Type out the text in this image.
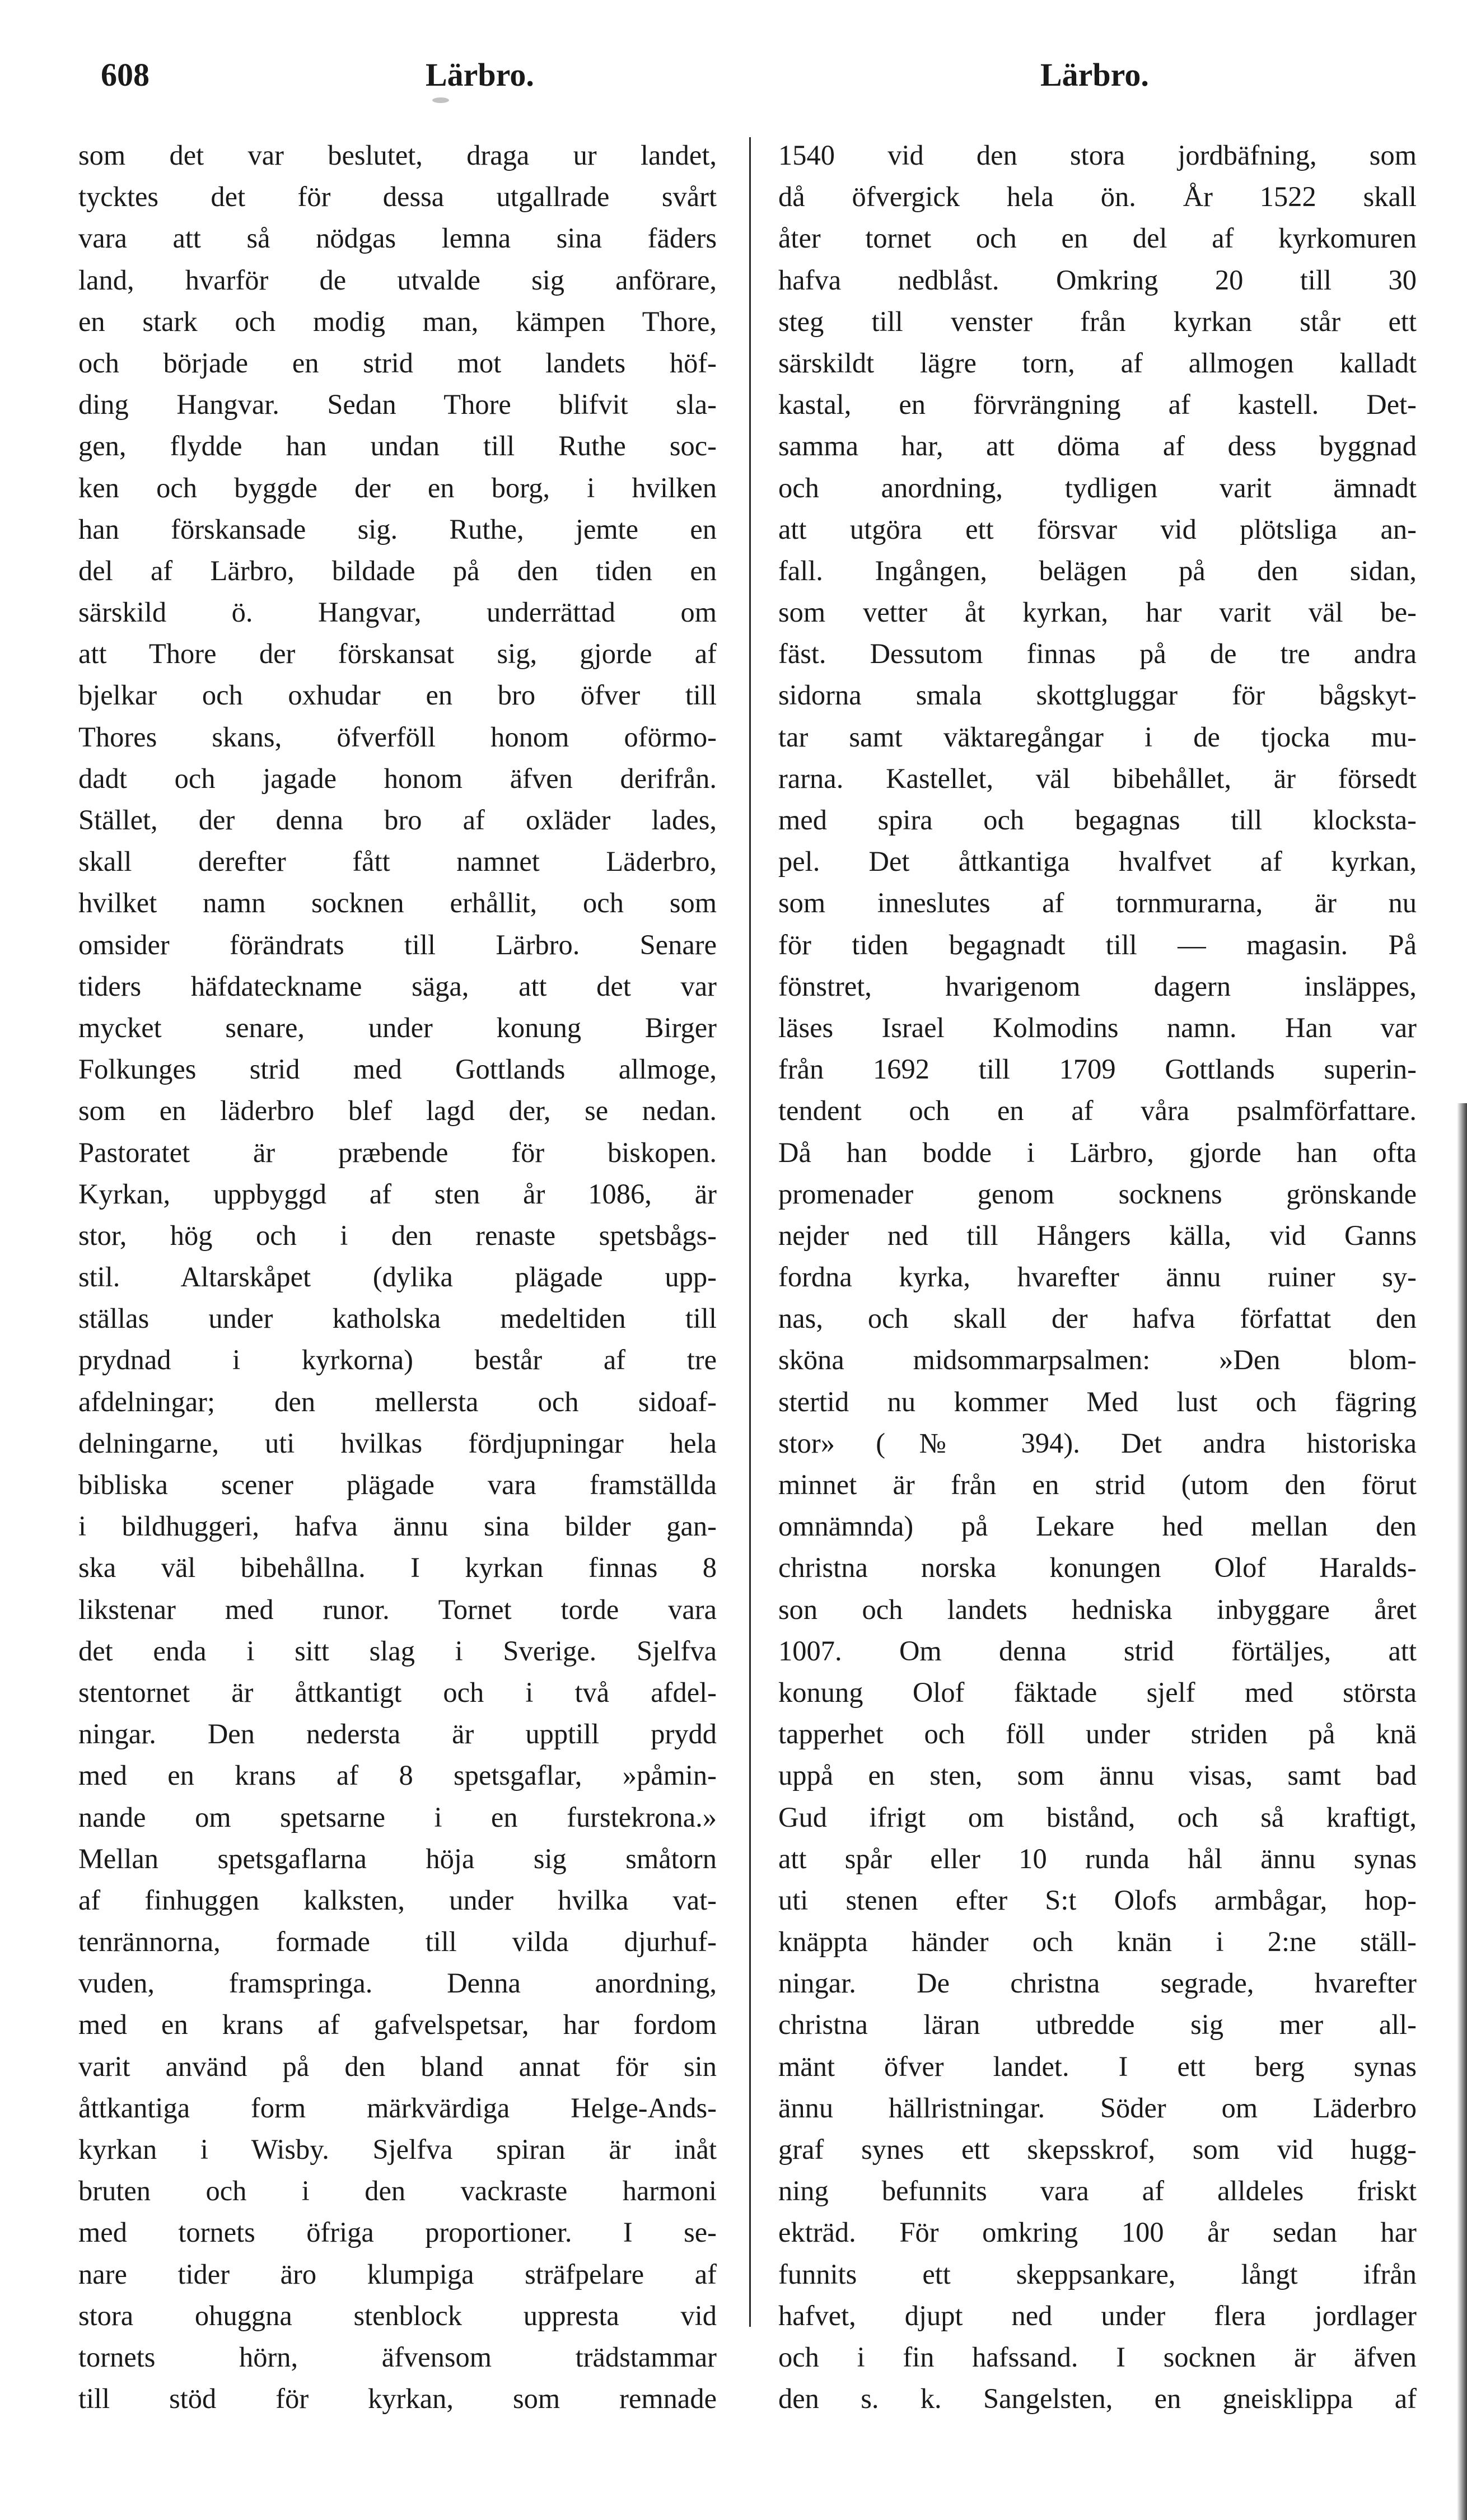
608	Lärbro.	Lärbro.
som det var beslutet, draga ur landet,
tycktes det för dessa utgallrade svårt
vara att så nödgas lemna sina fäders
land, hvarför de utvalde sig anförare,
en stark och modig man, kämpen Thore,
och började en strid mot landets höf-
ding Hangvar. Sedan Thore blifvit sla-
gen, flydde han undan till Ruthe soc-
ken och byggde der en borg, i hvilken
han förskansade sig. Ruthe, jemte en
del af Lärbro, bildade på den tiden en
särskild ö. Hangvar, underrättad om
att Thore der förskansat sig, gjorde af
bjelkar och oxhudar en bro öfver till
Thores skans, öfverföll honom oförmo-
dadt och jagade honom äfven derifrån.
Stället, der denna bro af oxläder lades,
skall derefter fått namnet Läderbro,
hvilket namn socknen erhållit, och som
omsider förändrats till Lärbro. Senare
tiders häfdateckname säga, att det var
mycket senare, under konung Birger
Folkunges strid med Gottlands allmoge,
som en läderbro blef lagd der, se nedan.
Pastoratet är præbende för biskopen.
Kyrkan, uppbyggd af sten år 1086, är
stor, hög och i den renaste spetsbågs-
stil. Altarskåpet (dylika plägade upp-
ställas under katholska medeltiden till
prydnad i kyrkorna) består af tre
afdelningar; den mellersta och sidoaf-
delningarne, uti hvilkas fördjupningar hela
bibliska scener plägade vara framställda
i bildhuggeri, hafva ännu sina bilder gan-
ska väl bibehållna. I kyrkan finnas 8
likstenar med runor. Tornet torde vara
det enda i sitt slag i Sverige. Sjelfva
stentornet är åttkantigt och i två afdel-
ningar. Den nedersta är upptill prydd
med en krans af 8 spetsgaflar, »påmin-
nande om spetsarne i en furstekrona.»
Mellan spetsgaflarna höja sig småtorn
af finhuggen kalksten, under hvilka vat-
tenrännorna, formade till vilda djurhuf-
vuden, framspringa. Denna anordning,
med en krans af gafvelspetsar, har fordom
varit använd på den bland annat för sin
åttkantiga form märkvärdiga Helge-Ands-
kyrkan i Wisby. Sjelfva spiran är inåt
bruten och i den vackraste harmoni
med tornets öfriga proportioner. I se-
nare tider äro klumpiga sträfpelare af
stora ohuggna stenblock uppresta vid
tornets hörn, äfvensom trädstammar
till stöd för kyrkan, som remnade
1540 vid den stora jordbäfning, som
då öfvergick hela ön. År 1522 skall
åter tornet och en del af kyrkomuren
hafva nedblåst. Omkring 20 till 30
steg till venster från kyrkan står ett
särskildt lägre torn, af allmogen kalladt
kastal, en förvrängning af kastell. Det-
samma har, att döma af dess byggnad
och anordning, tydligen varit ämnadt
att utgöra ett försvar vid plötsliga an-
fall. Ingången, belägen på den sidan,
som vetter åt kyrkan, har varit väl be-
fäst. Dessutom finnas på de tre andra
sidorna smala skottgluggar för bågskyt-
tar samt väktaregångar i de tjocka mu-
rarna. Kastellet, väl bibehållet, är försedt
med spira och begagnas till klocksta-
pel. Det åttkantiga hvalfvet af kyrkan,
som inneslutes af tornmurarna, är nu
för tiden begagnadt till — magasin. På
fönstret, hvarigenom dagern insläppes,
läses Israel Kolmodins namn. Han var
från 1692 till 1709 Gottlands superin-
tendent och en af våra psalmförfattare.
Då han bodde i Lärbro, gjorde han ofta
promenader genom socknens grönskande
nejder ned till Hångers källa, vid Ganns
fordna kyrka, hvarefter ännu ruiner sy-
nas, och skall der hafva författat den
sköna midsommarpsalmen: »Den blom-
stertid nu kommer Med lust och fägring
stor» (№ 394). Det andra historiska
minnet är från en strid (utom den förut
omnämnda) på Lekare hed mellan den
christna norska konungen Olof Haralds-
son och landets hedniska inbyggare året
1007. Om denna strid förtäljes, att
konung Olof fäktade sjelf med största
tapperhet och föll under striden på knä
uppå en sten, som ännu visas, samt bad
Gud ifrigt om bistånd, och så kraftigt,
att spår eller 10 runda hål ännu synas
uti stenen efter S:t Olofs armbågar, hop-
knäppta händer och knän i 2:ne ställ-
ningar. De christna segrade, hvarefter
christna läran utbredde sig mer all-
mänt öfver landet. I ett berg synas
ännu hällristningar. Söder om Läderbro
graf synes ett skepsskrof, som vid hugg-
ning befunnits vara af alldeles friskt
ekträd. För omkring 100 år sedan har
funnits ett skeppsankare, långt ifrån
hafvet, djupt ned under flera jordlager
och i fin hafssand. I socknen är äfven
den s. k. Sangelsten, en gneisklippa af
